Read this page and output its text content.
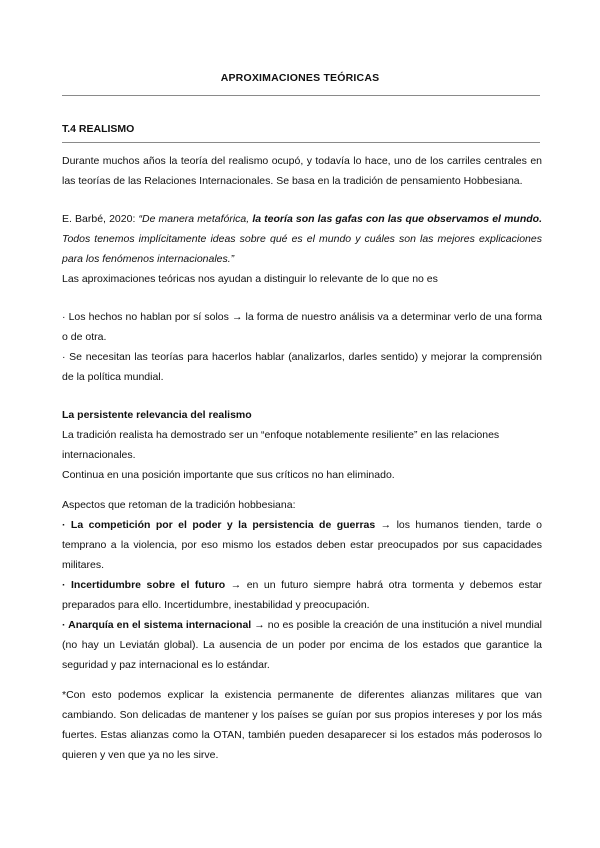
APROXIMACIONES TEÓRICAS
T.4 REALISMO

Durante muchos años la teoría del realismo ocupó, y todavía lo hace, uno de los carriles centrales en las teorías de las Relaciones Internacionales. Se basa en la tradición de pensamiento Hobbesiana.

E. Barbé, 2020: “De manera metafórica, la teoría son las gafas con las que observamos el mundo. Todos tenemos implícitamente ideas sobre qué es el mundo y cuáles son las mejores explicaciones para los fenómenos internacionales.”

Las aproximaciones teóricas nos ayudan a distinguir lo relevante de lo que no es

· Los hechos no hablan por sí solos → la forma de nuestro análisis va a determinar verlo de una forma o de otra.

· Se necesitan las teorías para hacerlos hablar (analizarlos, darles sentido) y mejorar la comprensión de la política mundial.

La persistente relevancia del realismo

La tradición realista ha demostrado ser un “enfoque notablemente resiliente” en las relaciones internacionales.

Continua en una posición importante que sus críticos no han eliminado.

Aspectos que retoman de la tradición hobbesiana:

· La competición por el poder y la persistencia de guerras → los humanos tienden, tarde o temprano a la violencia, por eso mismo los estados deben estar preocupados por sus capacidades militares.

· Incertidumbre sobre el futuro → en un futuro siempre habrá otra tormenta y debemos estar preparados para ello. Incertidumbre, inestabilidad y preocupación.

· Anarquía en el sistema internacional → no es posible la creación de una institución a nivel mundial (no hay un Leviatán global). La ausencia de un poder por encima de los estados que garantice la seguridad y paz internacional es lo estándar.

*Con esto podemos explicar la existencia permanente de diferentes alianzas militares que van cambiando. Son delicadas de mantener y los países se guían por sus propios intereses y por los más fuertes. Estas alianzas como la OTAN, también pueden desaparecer si los estados más poderosos lo quieren y ven que ya no les sirve.
